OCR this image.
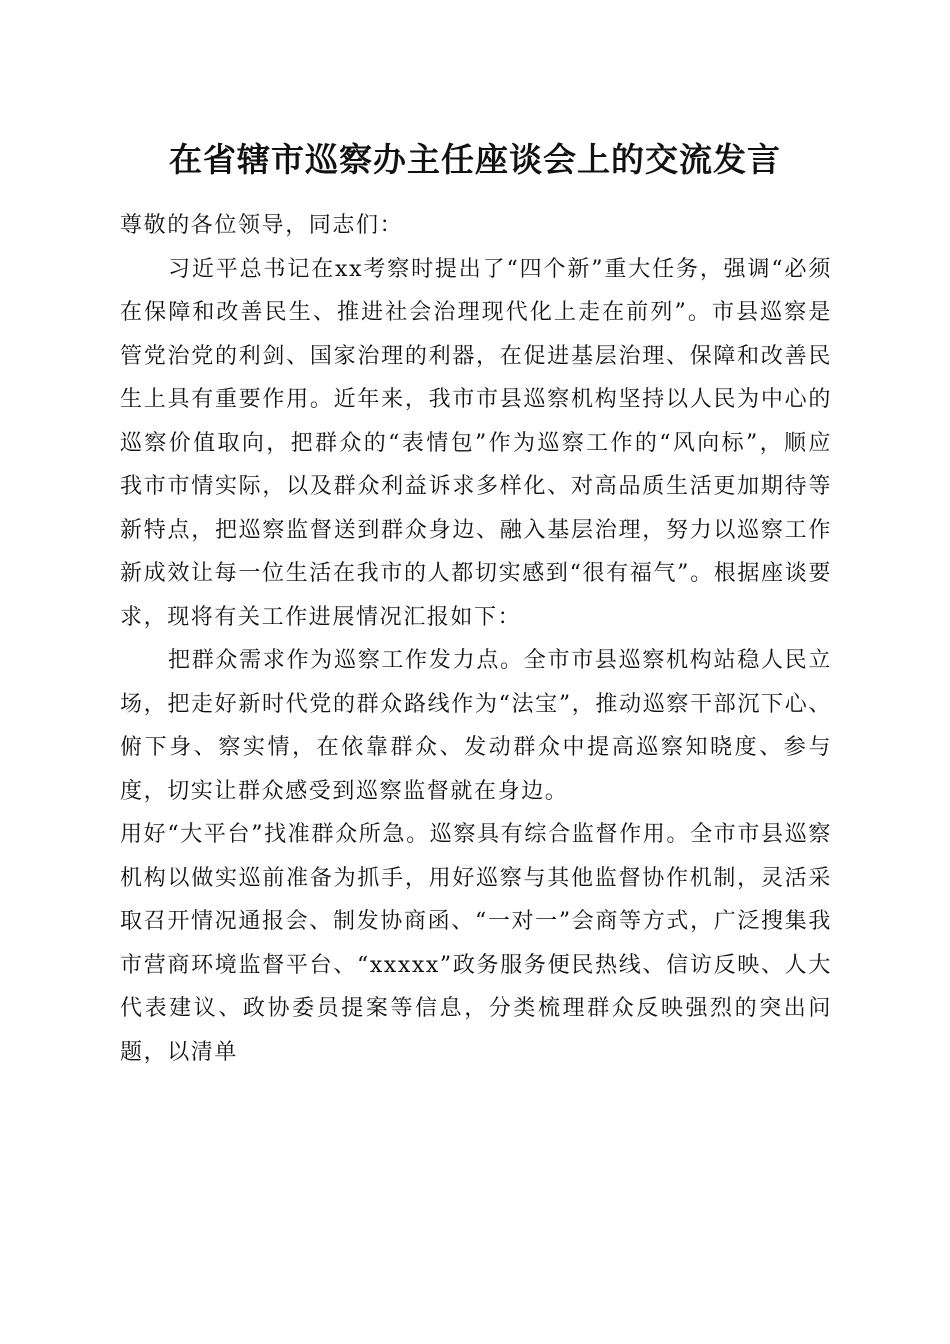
在省辖市巡察办主任座谈会上的交流发言

尊敬的各位领导，同志们：

习近平总书记在xx考察时提出了“四个新”重大任务，强调“必须在保障和改善民生、推进社会治理现代化上走在前列”。市县巡察是管党治党的利剑、国家治理的利器，在促进基层治理、保障和改善民生上具有重要作用。近年来，我市市县巡察机构坚持以人民为中心的巡察价值取向，把群众的“表情包”作为巡察工作的“风向标”，顺应我市市情实际，以及群众利益诉求多样化、对高品质生活更加期待等新特点，把巡察监督送到群众身边、融入基层治理，努力以巡察工作新成效让每一位生活在我市的人都切实感到“很有福气”。根据座谈要求，现将有关工作进展情况汇报如下：

把群众需求作为巡察工作发力点。全市市县巡察机构站稳人民立场，把走好新时代党的群众路线作为“法宝”，推动巡察干部沉下心、俯下身、察实情，在依靠群众、发动群众中提高巡察知晓度、参与度，切实让群众感受到巡察监督就在身边。

用好“大平台”找准群众所急。巡察具有综合监督作用。全市市县巡察机构以做实巡前准备为抓手，用好巡察与其他监督协作机制，灵活采取召开情况通报会、制发协商函、“一对一”会商等方式，广泛搜集我市营商环境监督平台、“xxxxx”政务服务便民热线、信访反映、人大代表建议、政协委员提案等信息，分类梳理群众反映强烈的突出问题，以清单
